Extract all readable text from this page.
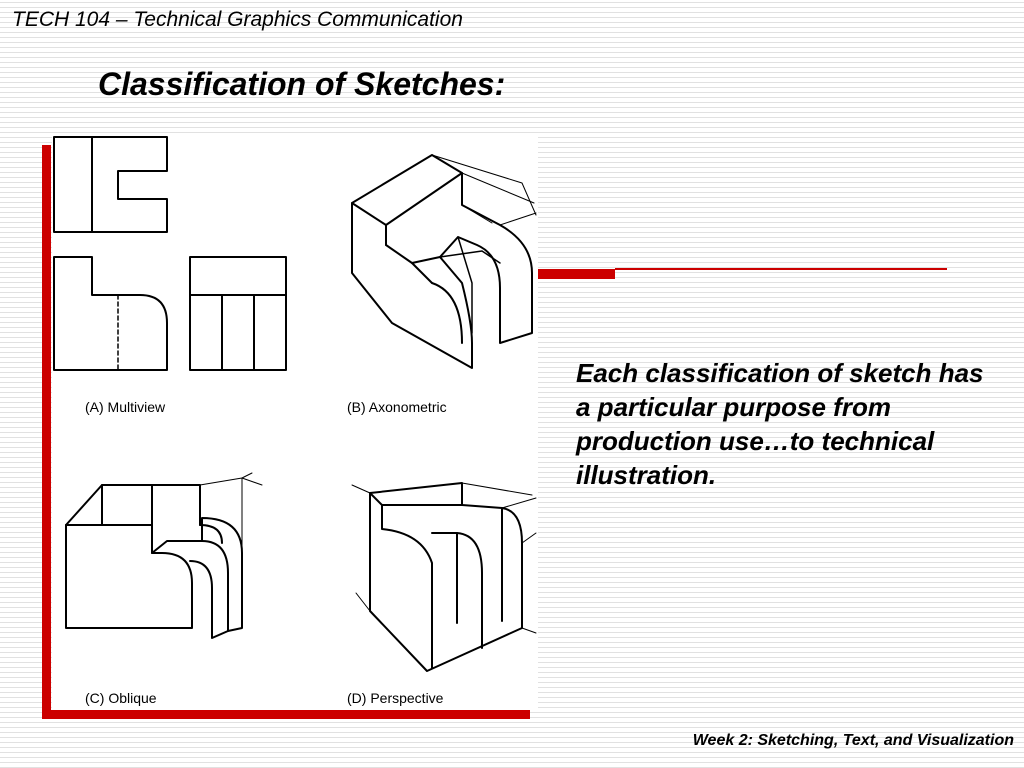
TECH 104 – Technical Graphics Communication
Classification of Sketches:
(A) Multiview	(B) Axonometric
(C) Oblique	(D) Perspective
Each classification of sketch has a particular purpose from production use…to technical illustration.
Week 2: Sketching, Text, and Visualization
